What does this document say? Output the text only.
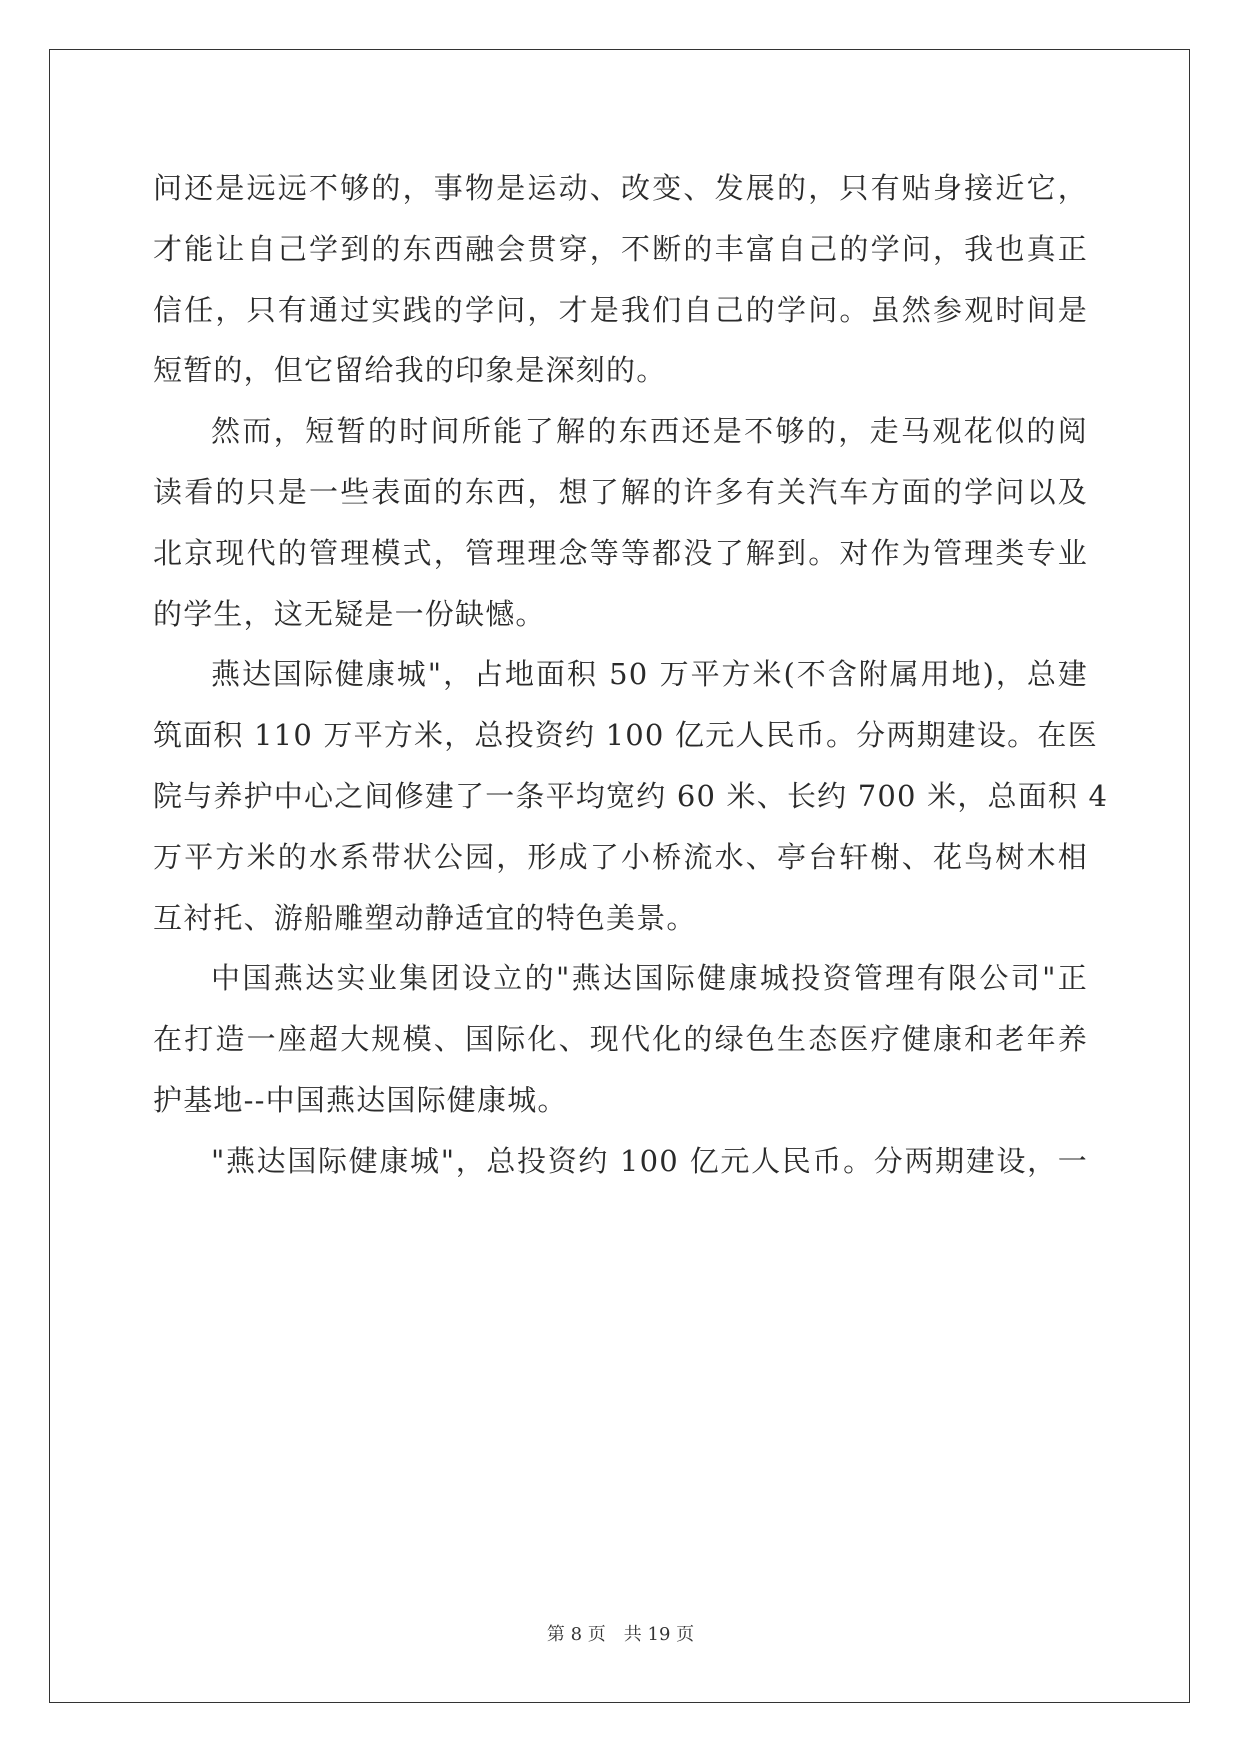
问还是远远不够的，事物是运动、改变、发展的，只有贴身接近它，
才能让自己学到的东西融会贯穿，不断的丰富自己的学问，我也真正
信任，只有通过实践的学问，才是我们自己的学问。虽然参观时间是
短暂的，但它留给我的印象是深刻的。
然而，短暂的时间所能了解的东西还是不够的，走马观花似的阅
读看的只是一些表面的东西，想了解的许多有关汽车方面的学问以及
北京现代的管理模式，管理理念等等都没了解到。对作为管理类专业
的学生，这无疑是一份缺憾。
燕达国际健康城"，占地面积 50 万平方米(不含附属用地)，总建
筑面积 110 万平方米，总投资约 100 亿元人民币。分两期建设。在医
院与养护中心之间修建了一条平均宽约 60 米、长约 700 米，总面积 4
万平方米的水系带状公园，形成了小桥流水、亭台轩榭、花鸟树木相
互衬托、游船雕塑动静适宜的特色美景。
中国燕达实业集团设立的"燕达国际健康城投资管理有限公司"正
在打造一座超大规模、国际化、现代化的绿色生态医疗健康和老年养
护基地--中国燕达国际健康城。
"燕达国际健康城"，总投资约 100 亿元人民币。分两期建设，一
第 8 页　共 19 页
